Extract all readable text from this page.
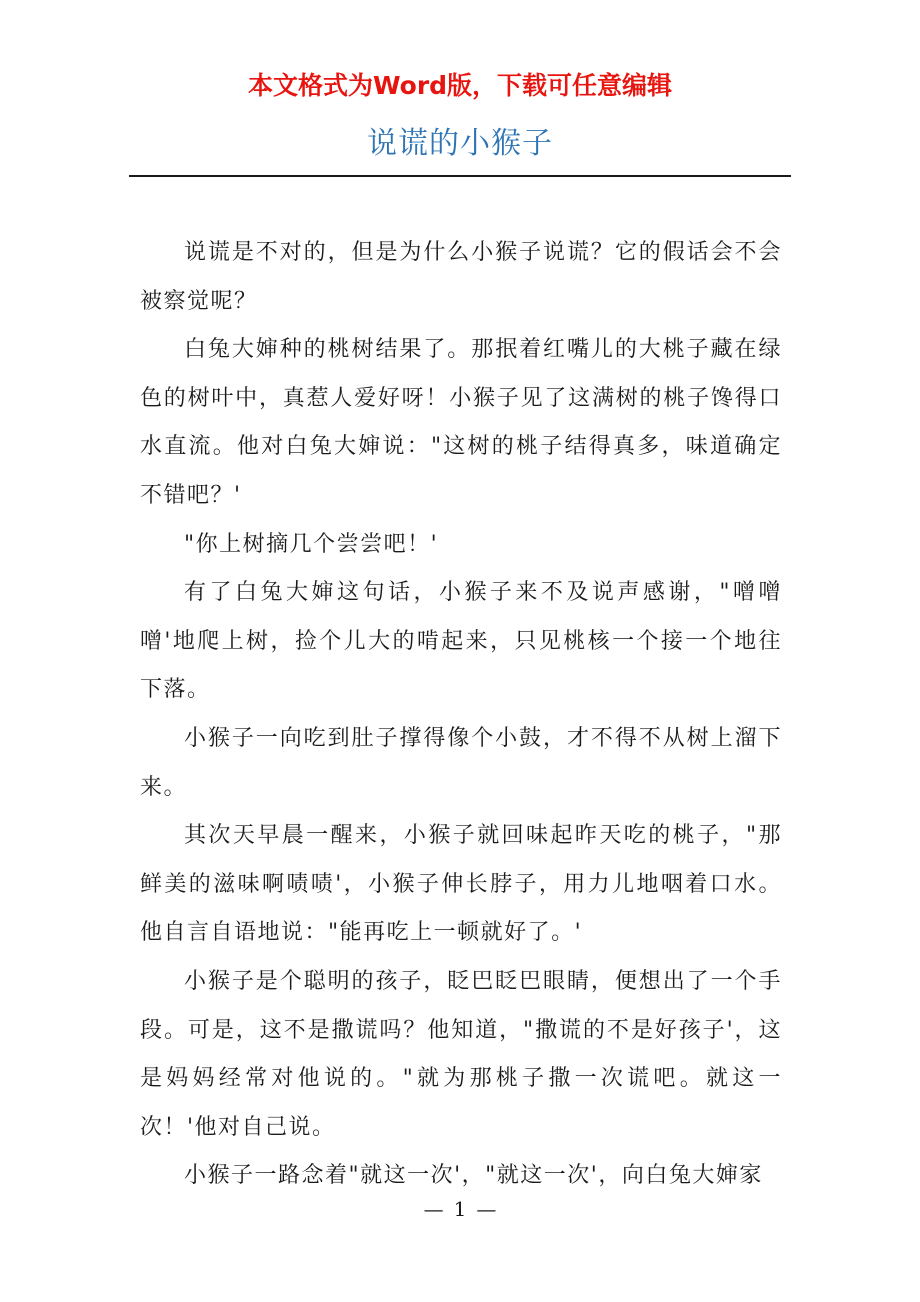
本文格式为Word版，下载可任意编辑
说谎的小猴子

说谎是不对的，但是为什么小猴子说谎？它的假话会不会被察觉呢？

白兔大婶种的桃树结果了。那抿着红嘴儿的大桃子藏在绿色的树叶中，真惹人爱好呀！小猴子见了这满树的桃子馋得口水直流。他对白兔大婶说："这树的桃子结得真多，味道确定不错吧？'

"你上树摘几个尝尝吧！'

有了白兔大婶这句话，小猴子来不及说声感谢，"噌噌噌'地爬上树，捡个儿大的啃起来，只见桃核一个接一个地往下落。

小猴子一向吃到肚子撑得像个小鼓，才不得不从树上溜下来。

其次天早晨一醒来，小猴子就回味起昨天吃的桃子，"那鲜美的滋味啊啧啧'，小猴子伸长脖子，用力儿地咽着口水。他自言自语地说："能再吃上一顿就好了。'

小猴子是个聪明的孩子，眨巴眨巴眼睛，便想出了一个手段。可是，这不是撒谎吗？他知道，"撒谎的不是好孩子'，这是妈妈经常对他说的。"就为那桃子撒一次谎吧。就这一次！'他对自己说。

小猴子一路念着"就这一次'，"就这一次'，向白兔大婶家

— 1 —
